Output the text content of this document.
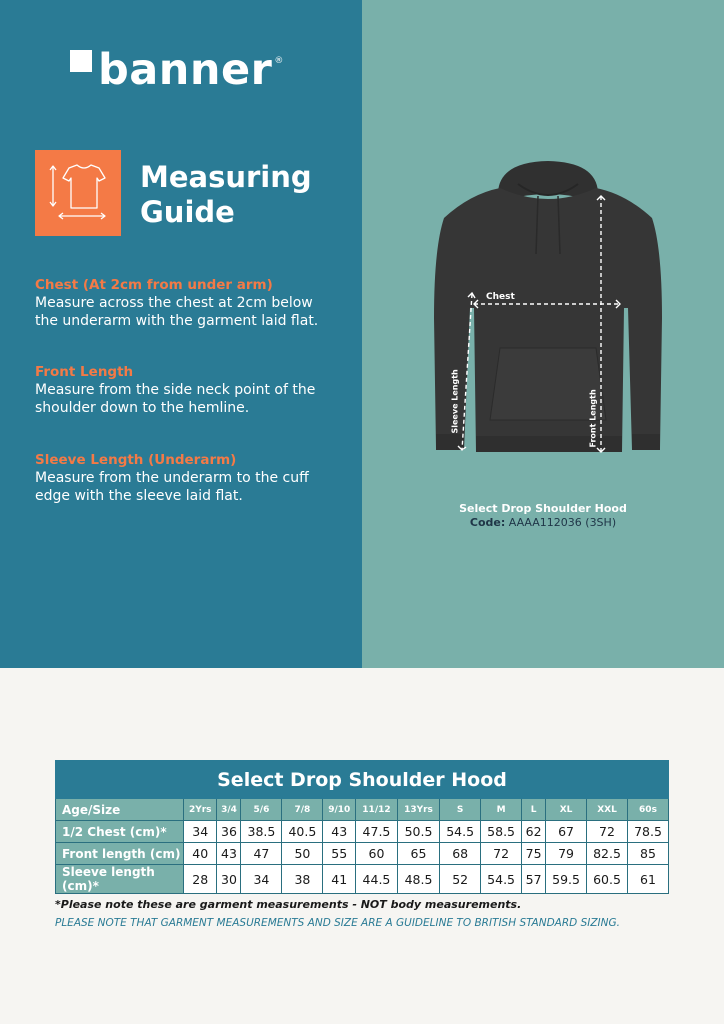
banner ®
Measuring
Guide
Chest (At 2cm from under arm)
Measure across the chest at 2cm below
the underarm with the garment laid flat.
Front Length
Measure from the side neck point of the
shoulder down to the hemline.
Sleeve Length (Underarm)
Measure from the underarm to the cuff
edge with the sleeve laid flat.
Chest
Sleeve Length	Front Length
Select Drop Shoulder Hood
Code: AAAA112036 (3SH)
Select Drop Shoulder Hood													
Age/Size	2Yrs	3/4	5/6	7/8	9/10	11/12	13Yrs	S	M	L	XL	XXL	60s
1/2 Chest (cm)*	34	36	38.5	40.5	43	47.5	50.5	54.5	58.5	62	67	72	78.5
Front length (cm)	40	43	47	50	55	60	65	68	72	75	79	82.5	85
Sleeve length (cm)*	28	30	34	38	41	44.5	48.5	52	54.5	57	59.5	60.5	61
*Please note these are garment measurements - NOT body measurements.
PLEASE NOTE THAT GARMENT MEASUREMENTS AND SIZE ARE A GUIDELINE TO BRITISH STANDARD SIZING.
